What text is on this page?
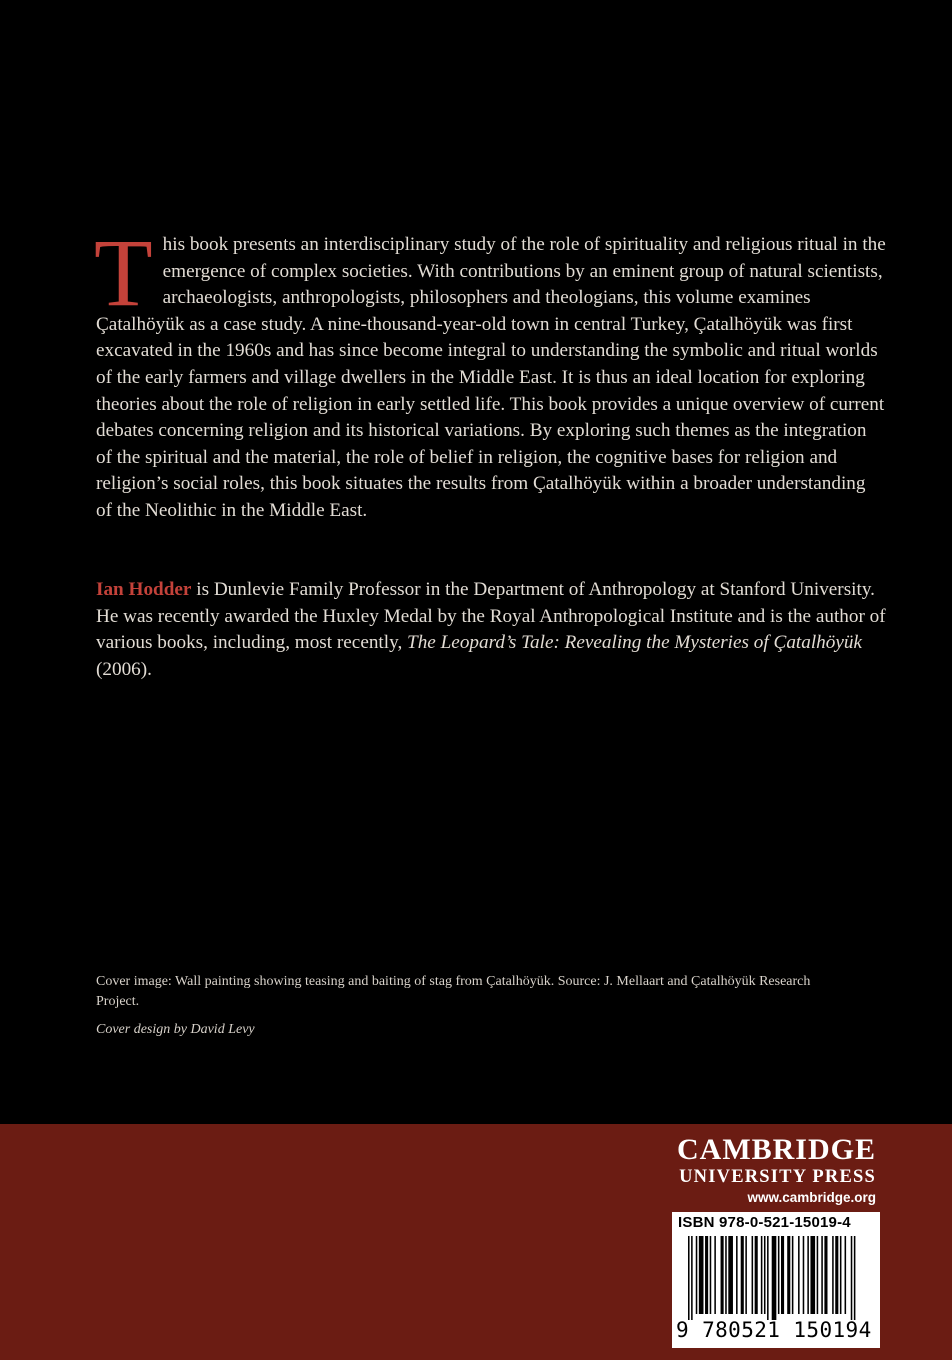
This book presents an interdisciplinary study of the role of spirituality and religious ritual in the emergence of complex societies. With contributions by an eminent group of natural scientists, archaeologists, anthropologists, philosophers and theologians, this volume examines Çatalhöyük as a case study. A nine-thousand-year-old town in central Turkey, Çatalhöyük was first excavated in the 1960s and has since become integral to understanding the symbolic and ritual worlds of the early farmers and village dwellers in the Middle East. It is thus an ideal location for exploring theories about the role of religion in early settled life. This book provides a unique overview of current debates concerning religion and its historical variations. By exploring such themes as the integration of the spiritual and the material, the role of belief in religion, the cognitive bases for religion and religion’s social roles, this book situates the results from Çatalhöyük within a broader understanding of the Neolithic in the Middle East.

Ian Hodder is Dunlevie Family Professor in the Department of Anthropology at Stanford University. He was recently awarded the Huxley Medal by the Royal Anthropological Institute and is the author of various books, including, most recently, The Leopard’s Tale: Revealing the Mysteries of Çatalhöyük (2006).

Cover image: Wall painting showing teasing and baiting of stag from Çatalhöyük. Source: J. Mellaart and Çatalhöyük Research Project.

Cover design by David Levy

CAMBRIDGE
UNIVERSITY PRESS
www.cambridge.org
ISBN 978-0-521-15019-4
9 780521 150194
